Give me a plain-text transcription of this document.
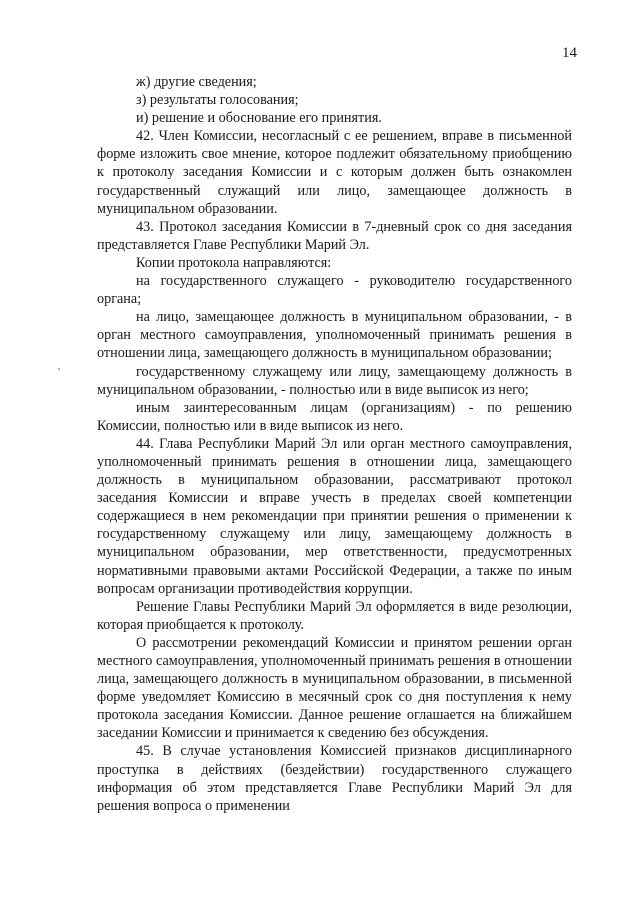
14

ж) другие сведения;

з) результаты голосования;

и) решение и обоснование его принятия.

42. Член Комиссии, несогласный с ее решением, вправе в письменной форме изложить свое мнение, которое подлежит обязательному приобщению к протоколу заседания Комиссии и с которым должен быть ознакомлен государственный служащий или лицо, замещающее должность в муниципальном образовании.

43. Протокол заседания Комиссии в 7-дневный срок со дня заседания представляется Главе Республики Марий Эл.

Копии протокола направляются:

на государственного служащего - руководителю государственного органа;

на лицо, замещающее должность в муниципальном образовании, - в орган местного самоуправления, уполномоченный принимать решения в отношении лица, замещающего должность в муниципальном образовании;

государственному служащему или лицу, замещающему должность в муниципальном образовании, - полностью или в виде выписок из него;

иным заинтересованным лицам (организациям) - по решению Комиссии, полностью или в виде выписок из него.

44. Глава Республики Марий Эл или орган местного самоуправления, уполномоченный принимать решения в отношении лица, замещающего должность в муниципальном образовании, рассматривают протокол заседания Комиссии и вправе учесть в пределах своей компетенции содержащиеся в нем рекомендации при принятии решения о применении к государственному служащему или лицу, замещающему должность в муниципальном образовании, мер ответственности, предусмотренных нормативными правовыми актами Российской Федерации, а также по иным вопросам организации противодействия коррупции.

Решение Главы Республики Марий Эл оформляется в виде резолюции, которая приобщается к протоколу.

О рассмотрении рекомендаций Комиссии и принятом решении орган местного самоуправления, уполномоченный принимать решения в отношении лица, замещающего должность в муниципальном образовании, в письменной форме уведомляет Комиссию в месячный срок со дня поступления к нему протокола заседания Комиссии. Данное решение оглашается на ближайшем заседании Комиссии и принимается к сведению без обсуждения.

45. В случае установления Комиссией признаков дисциплинарного проступка в действиях (бездействии) государственного служащего информация об этом представляется Главе Республики Марий Эл для решения вопроса о применении
